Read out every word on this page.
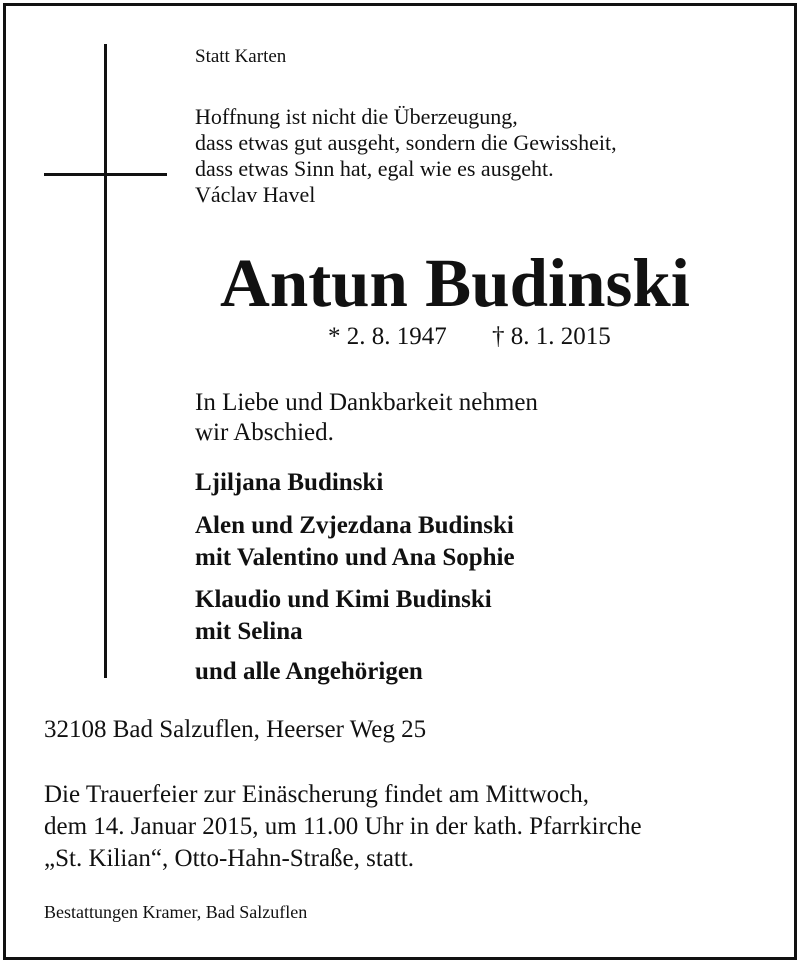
Statt Karten
Hoffnung ist nicht die Überzeugung,
dass etwas gut ausgeht, sondern die Gewissheit,
dass etwas Sinn hat, egal wie es ausgeht.
Václav Havel
Antun Budinski
* 2. 8. 1947 † 8. 1. 2015
In Liebe und Dankbarkeit nehmen
wir Abschied.
Ljiljana Budinski
Alen und Zvjezdana Budinski
mit Valentino und Ana Sophie
Klaudio und Kimi Budinski
mit Selina
und alle Angehörigen
32108 Bad Salzuflen, Heerser Weg 25
Die Trauerfeier zur Einäscherung findet am Mittwoch,
dem 14. Januar 2015, um 11.00 Uhr in der kath. Pfarrkirche
„St. Kilian“, Otto-Hahn-Straße, statt.
Bestattungen Kramer, Bad Salzuflen
